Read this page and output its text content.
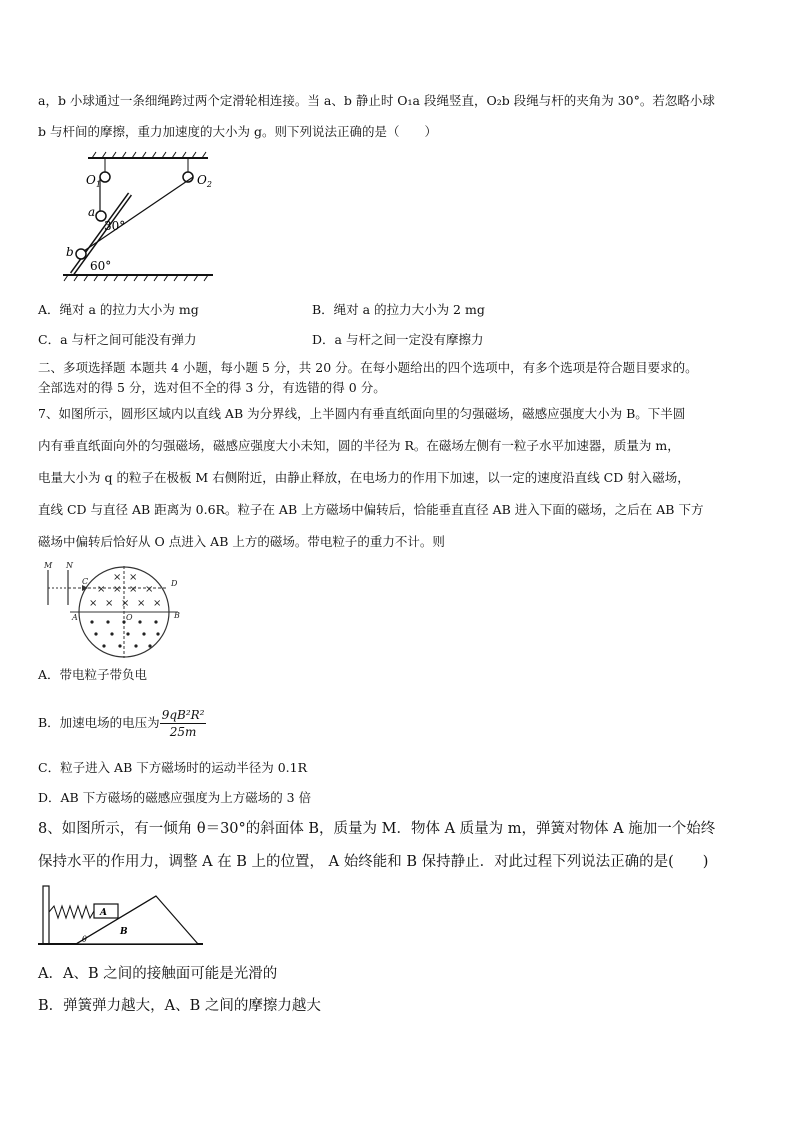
a，b 小球通过一条细绳跨过两个定滑轮相连接。当 a、b 静止时 O₁a 段绳竖直，O₂b 段绳与杆的夹角为 30°。若忽略小球
b 与杆间的摩擦，重力加速度的大小为 g。则下列说法正确的是（　　）
$O_1$	$O_2$
a
b
30°
60°
A．绳对 a 的拉力大小为 mg	B．绳对 a 的拉力大小为 2 mg
C．a 与杆之间可能没有弹力	D．a 与杆之间一定没有摩擦力
二、多项选择题 本题共 4 小题，每小题 5 分，共 20 分。在每小题给出的四个选项中，有多个选项是符合题目要求的。
全部选对的得 5 分，选对但不全的得 3 分，有选错的得 0 分。
7、如图所示，圆形区域内以直线 AB 为分界线，上半圆内有垂直纸面向里的匀强磁场，磁感应强度大小为 B。下半圆
内有垂直纸面向外的匀强磁场，磁感应强度大小未知，圆的半径为 R。在磁场左侧有一粒子水平加速器，质量为 m，
电量大小为 q 的粒子在极板 M 右侧附近，由静止释放，在电场力的作用下加速，以一定的速度沿直线 CD 射入磁场，
直线 CD 与直径 AB 距离为 0.6R。粒子在 AB 上方磁场中偏转后，恰能垂直直径 AB 进入下面的磁场，之后在 AB 下方
磁场中偏转后恰好从 O 点进入 AB 上方的磁场。带电粒子的重力不计。则
× ×
× × × ×
× × × × ×
M N
C	D
A	B
O
A．带电粒子带负电
B．加速电场的电压为 $\frac{\text{9qB²R²}}{25m}$
C．粒子进入 AB 下方磁场时的运动半径为 0.1R
D．AB 下方磁场的磁感应强度为上方磁场的 3 倍
8、如图所示，有一倾角 θ＝30°的斜面体 B，质量为 M．物体 A 质量为 m，弹簧对物体 A 施加一个始终
保持水平的作用力，调整 A 在 B 上的位置， A 始终能和 B 保持静止．对此过程下列说法正确的是(　　)
A
B
θ
A．A、B 之间的接触面可能是光滑的
B．弹簧弹力越大，A、B 之间的摩擦力越大
